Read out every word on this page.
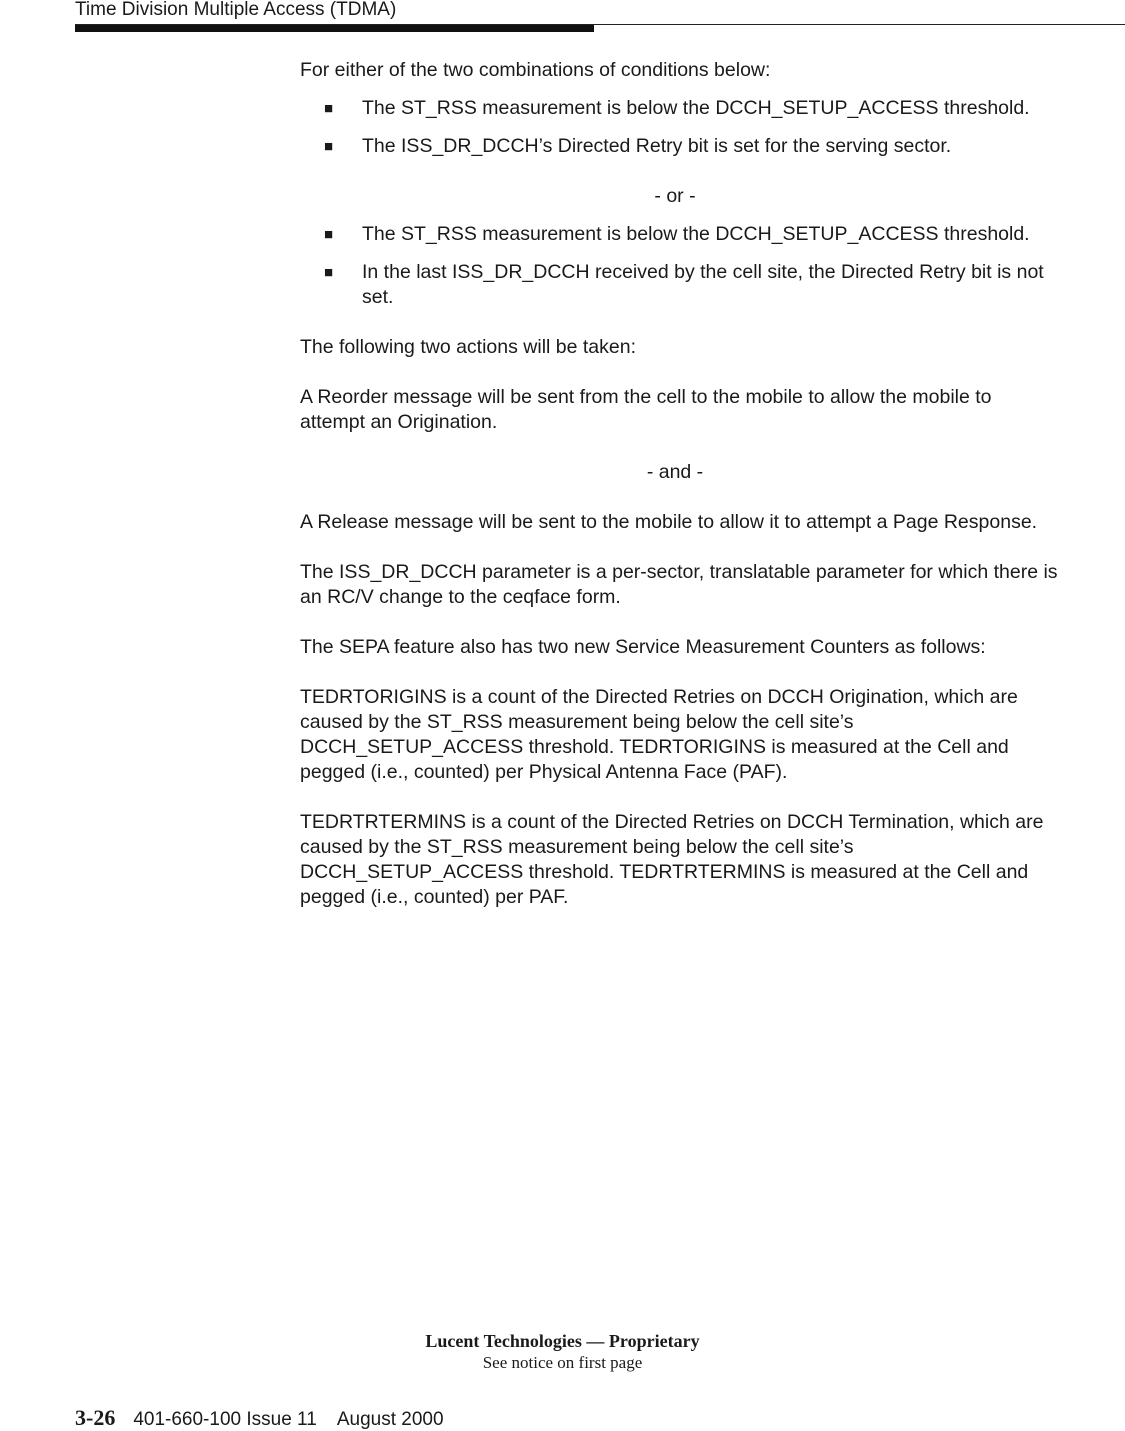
Time Division Multiple Access (TDMA)

For either of the two combinations of conditions below:

■ The ST_RSS measurement is below the DCCH_SETUP_ACCESS threshold.

■ The ISS_DR_DCCH’s Directed Retry bit is set for the serving sector.

- or -

■ The ST_RSS measurement is below the DCCH_SETUP_ACCESS threshold.

■ In the last ISS_DR_DCCH received by the cell site, the Directed Retry bit is not set.

The following two actions will be taken:

A Reorder message will be sent from the cell to the mobile to allow the mobile to attempt an Origination.

- and -

A Release message will be sent to the mobile to allow it to attempt a Page Response.

The ISS_DR_DCCH parameter is a per-sector, translatable parameter for which there is an RC/V change to the ceqface form.

The SEPA feature also has two new Service Measurement Counters as follows:

TEDRTORIGINS is a count of the Directed Retries on DCCH Origination, which are caused by the ST_RSS measurement being below the cell site’s DCCH_SETUP_ACCESS threshold. TEDRTORIGINS is measured at the Cell and pegged (i.e., counted) per Physical Antenna Face (PAF).

TEDRTRTERMINS is a count of the Directed Retries on DCCH Termination, which are caused by the ST_RSS measurement being below the cell site’s DCCH_SETUP_ACCESS threshold. TEDRTRTERMINS is measured at the Cell and pegged (i.e., counted) per PAF.

Lucent Technologies — Proprietary
See notice on first page
3-26 401-660-100 Issue 11    August 2000
